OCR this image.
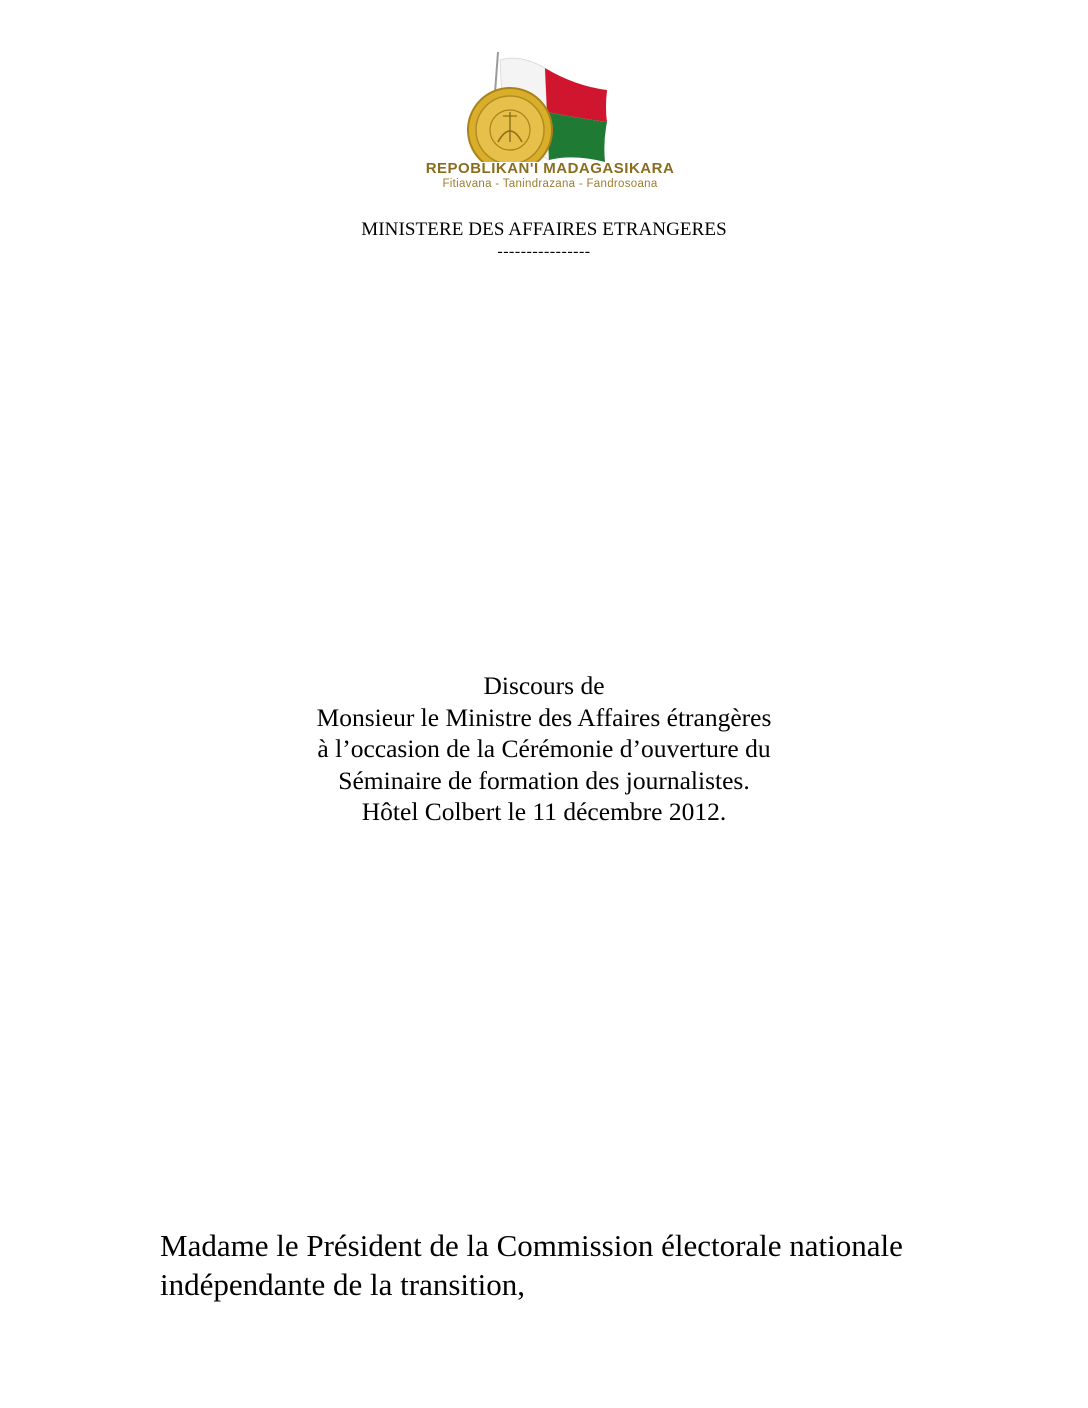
REPOBLIKAN'I MADAGASIKARA
Fitiavana - Tanindrazana - Fandrosoana
MINISTERE DES AFFAIRES ETRANGERES
----------------
Discours de
Monsieur le Ministre des Affaires étrangères
à l’occasion de la Cérémonie d’ouverture du
Séminaire de formation des journalistes.
Hôtel Colbert le 11 décembre 2012.
Madame le Président de la Commission électorale nationale
indépendante de la transition,
